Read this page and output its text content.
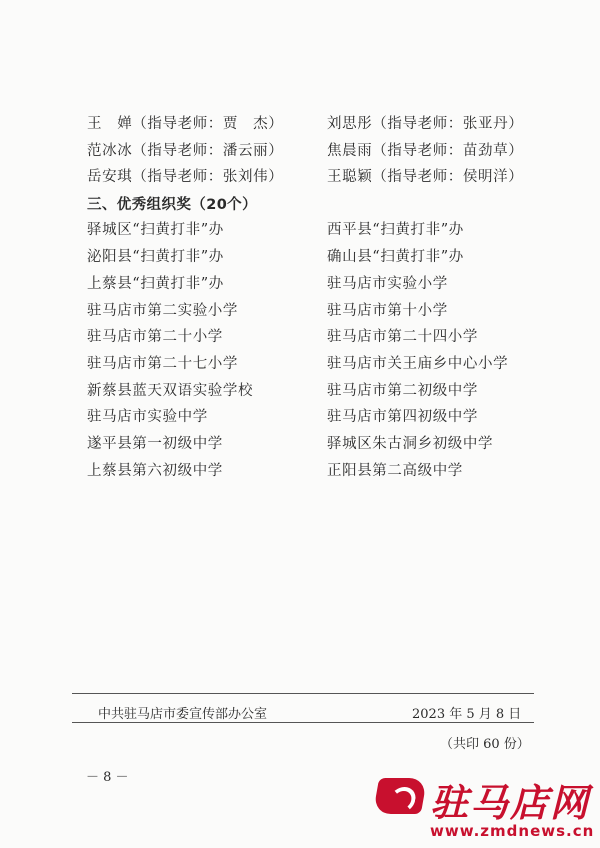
王　婵（指导老师：贾　杰）	刘思彤（指导老师：张亚丹）
范冰冰（指导老师：潘云丽）	焦晨雨（指导老师：苗劲草）
岳安琪（指导老师：张刘伟）	王聪颖（指导老师：侯明洋）
三、优秀组织奖（20个）
驿城区“扫黄打非”办	西平县“扫黄打非”办
泌阳县“扫黄打非”办	确山县“扫黄打非”办
上蔡县“扫黄打非”办	驻马店市实验小学
驻马店市第二实验小学	驻马店市第十小学
驻马店市第二十小学	驻马店市第二十四小学
驻马店市第二十七小学	驻马店市关王庙乡中心小学
新蔡县蓝天双语实验学校	驻马店市第二初级中学
驻马店市实验中学	驻马店市第四初级中学
遂平县第一初级中学	驿城区朱古洞乡初级中学
上蔡县第六初级中学	正阳县第二高级中学
中共驻马店市委宣传部办公室	2023 年 5 月 8 日
（共印 60 份）
－ 8 －
驻马店网
www.zmdnews.cn
